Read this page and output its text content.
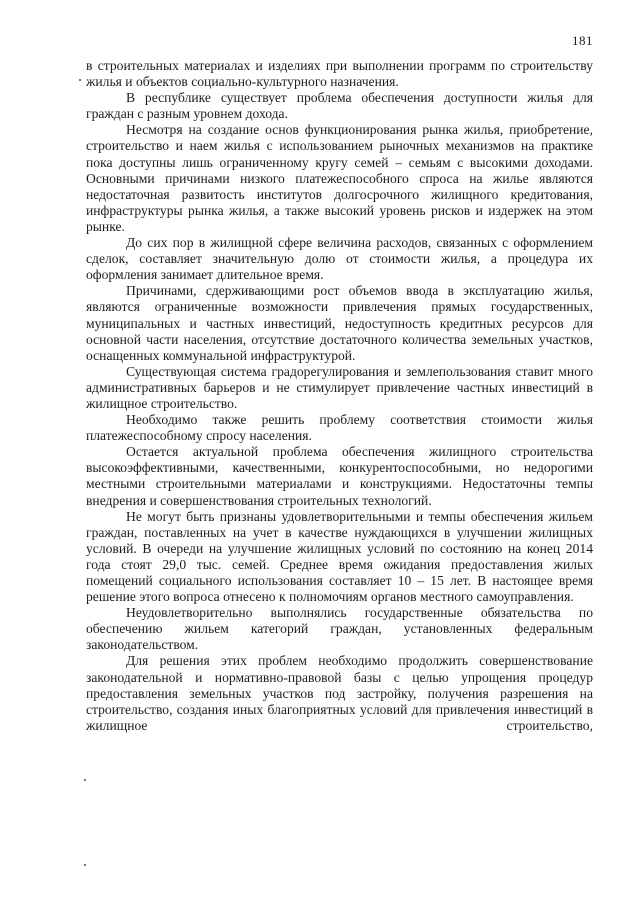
181

в строительных материалах и изделиях при выполнении программ по строительству жилья и объектов социально-культурного назначения.

В республике существует проблема обеспечения доступности жилья для граждан с разным уровнем дохода.

Несмотря на создание основ функционирования рынка жилья, приобретение, строительство и наем жилья с использованием рыночных механизмов на практике пока доступны лишь ограниченному кругу семей – семьям с высокими доходами. Основными причинами низкого платежеспособного спроса на жилье являются недостаточная развитость институтов долгосрочного жилищного кредитования, инфраструктуры рынка жилья, а также высокий уровень рисков и издержек на этом рынке.

До сих пор в жилищной сфере величина расходов, связанных с оформлением сделок, составляет значительную долю от стоимости жилья, а процедура их оформления занимает длительное время.

Причинами, сдерживающими рост объемов ввода в эксплуатацию жилья, являются ограниченные возможности привлечения прямых государственных, муниципальных и частных инвестиций, недоступность кредитных ресурсов для основной части населения, отсутствие достаточного количества земельных участков, оснащенных коммунальной инфраструктурой.

Существующая система градорегулирования и землепользования ставит много административных барьеров и не стимулирует привлечение частных инвестиций в жилищное строительство.

Необходимо также решить проблему соответствия стоимости жилья платежеспособному спросу населения.

Остается актуальной проблема обеспечения жилищного строительства высокоэффективными, качественными, конкурентоспособными, но недорогими местными строительными материалами и конструкциями. Недостаточны темпы внедрения и совершенствования строительных технологий.

Не могут быть признаны удовлетворительными и темпы обеспечения жильем граждан, поставленных на учет в качестве нуждающихся в улучшении жилищных условий. В очереди на улучшение жилищных условий по состоянию на конец 2014 года стоят 29,0 тыс. семей. Среднее время ожидания предоставления жилых помещений социального использования составляет 10 – 15 лет. В настоящее время решение этого вопроса отнесено к полномочиям органов местного самоуправления.

Неудовлетворительно выполнялись государственные обязательства по обеспечению жильем категорий граждан, установленных федеральным законодательством.

Для решения этих проблем необходимо продолжить совершенствование законодательной и нормативно-правовой базы с целью упрощения процедур предоставления земельных участков под застройку, получения разрешения на строительство, создания иных благоприятных условий для привлечения инвестиций в жилищное строительство,
